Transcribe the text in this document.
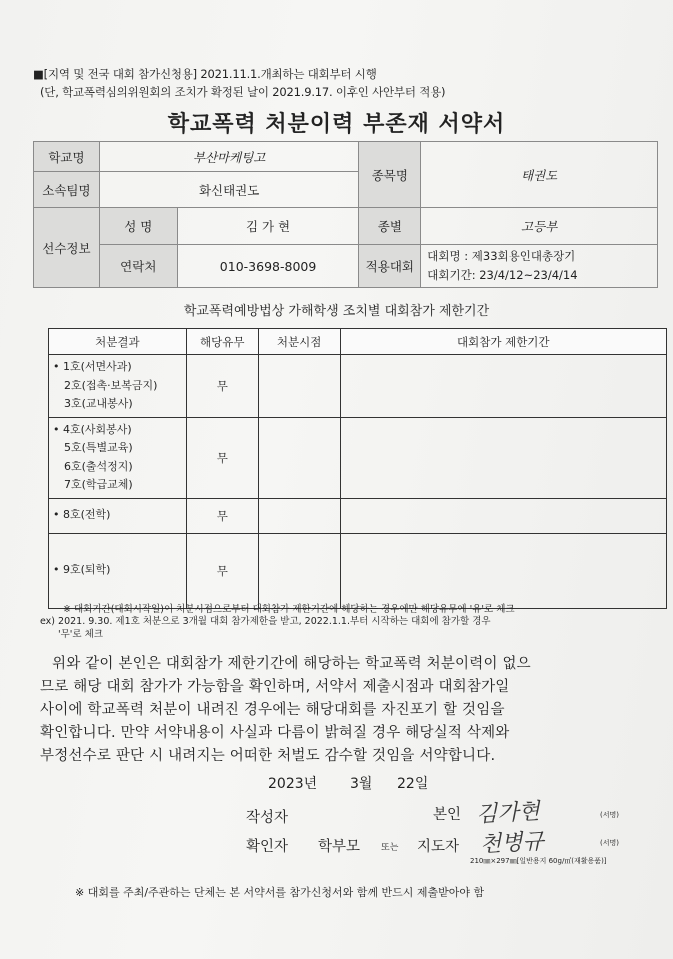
■[지역 및 전국 대회 참가신청용] 2021.11.1.개최하는 대회부터 시행
(단, 학교폭력심의위원회의 조치가 확정된 날이 2021.9.17. 이후인 사안부터 적용)
학교폭력 처분이력 부존재 서약서
학교명	부산마케팅고		종목명	태권도
소속팀명	화신태권도			
선수정보	성 명	김 가 현	종별	고등부
	연락처	010-3698-8009	적용대회	대회명 : 제33회용인대총장기
대회기간: 23/4/12~23/4/14
학교폭력예방법상 가해학생 조치별 대회참가 제한기간
처분결과	해당유무	처분시점	대회참가 제한기간

• 1호(서면사과)
2호(접촉·보복금지)
3호(교내봉사)	무		

• 4호(사회봉사)
5호(특별교육)
6호(출석정지)
7호(학급교체)	무		

• 8호(전학)	무		

• 9호(퇴학)	무		
※ 대회기간(대회시작일)이 처분시점으로부터 대회참가 제한기간에 해당하는 경우에만 해당유무에 '유'로 체크
ex) 2021. 9.30. 제1호 처분으로 3개월 대회 참가제한을 받고, 2022.1.1.부터 시작하는 대회에 참가할 경우
'무'로 체크
위와 같이 본인은 대회참가 제한기간에 해당하는 학교폭력 처분이력이 없으
므로 해당 대회 참가가 가능함을 확인하며, 서약서 제출시점과 대회참가일
사이에 학교폭력 처분이 내려진 경우에는 해당대회를 자진포기 할 것임을
확인합니다. 만약 서약내용이 사실과 다름이 밝혀질 경우 해당실적 삭제와
부정선수로 판단 시 내려지는 어떠한 처벌도 감수할 것임을 서약합니다.
2023년 3월 22일
작성자	본인 김가현	(서명)
확인자 학부모 또는 지도자 천병규	(서명)
210㎜×297㎜[일반용지 60g/㎡(재활용품)]
※ 대회를 주최/주관하는 단체는 본 서약서를 참가신청서와 함께 반드시 제출받아야 함
